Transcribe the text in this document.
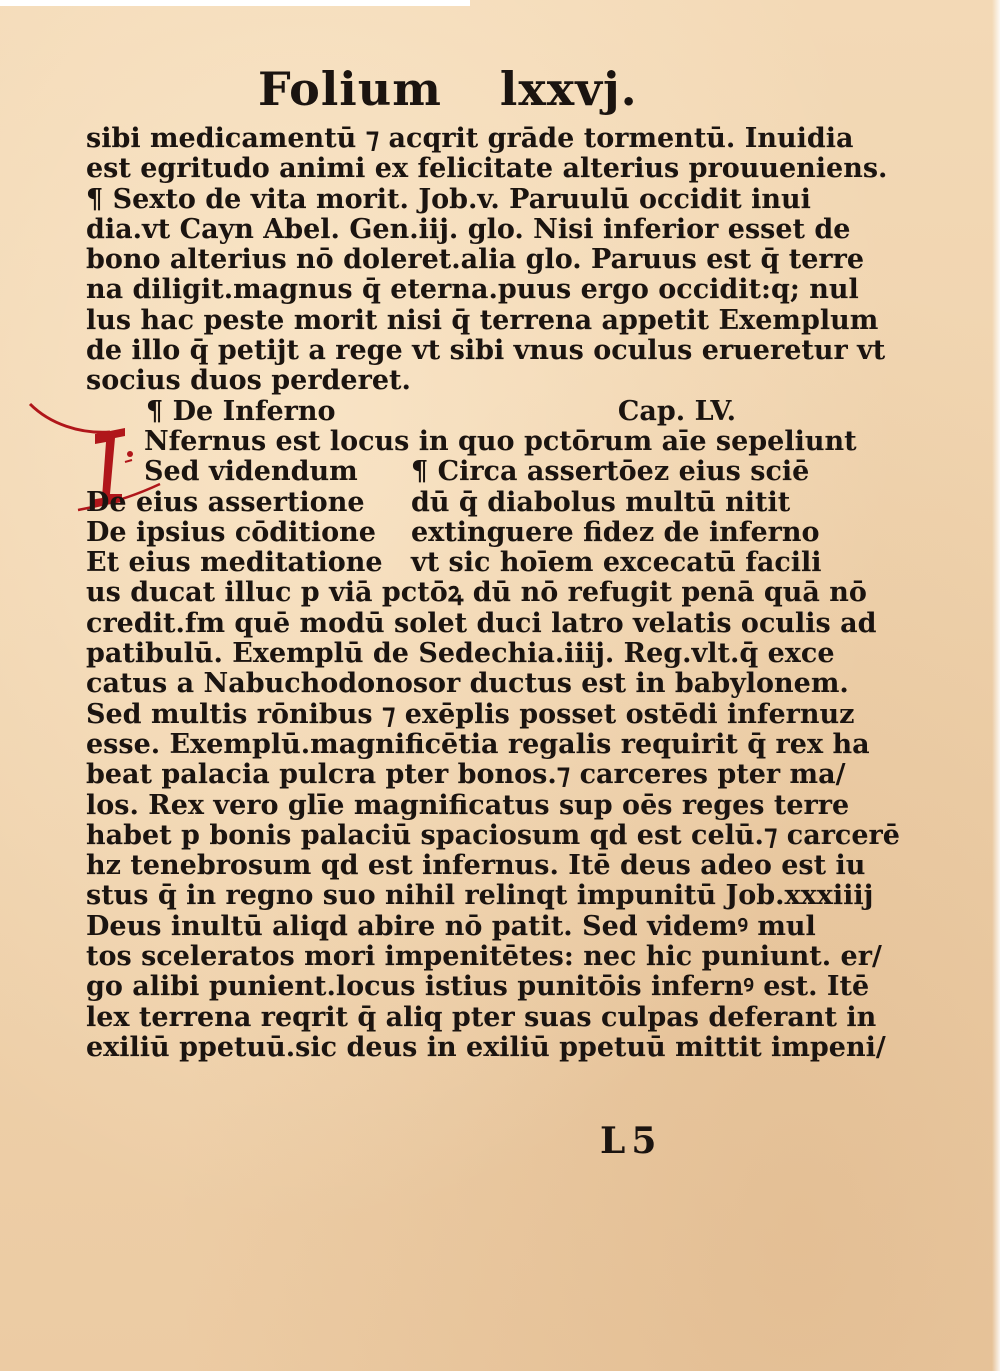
Folium lxxvj.
sibi medicamentū ⁊ acqrit grāde tormentū. Inuidia
est egritudo animi ex felicitate alterius prouueniens.
¶ Sexto de vita morit. Job.v. Paruulū occidit inui
dia.vt Cayn Abel. Gen.iij. glo. Nisi inferior esset de
bono alterius nō doleret.alia glo. Paruus est q̄ terre
na diligit.magnus q̄ eterna.puus ergo occidit:q; nul
lus hac peste morit nisi q̄ terrena appetit Exemplum
de illo q̄ petijt a rege vt sibi vnus oculus erueretur vt
socius duos perderet.
¶ De Inferno	Cap. LV.
Nfernus est locus in quo pctōrum aīe sepeliunt
Sed videndum
De eius assertione
De ipsius cōditione
Et eius meditatione
¶ Circa assertōez eius sciē
dū q̄ diabolus multū nitit
extinguere fidez de inferno
vt sic hoīem excecatū facili
us ducat illuc p viā pctōꝝ dū nō refugit penā quā nō
credit.fm quē modū solet duci latro velatis oculis ad
patibulū. Exemplū de Sedechia.iiij. Reg.vlt.q̄ exce
catus a Nabuchodonosor ductus est in babylonem.
Sed multis rōnibus ⁊ exēplis posset ostēdi infernuz
esse. Exemplū.magnificētia regalis requirit q̄ rex ha
beat palacia pulcra pter bonos.⁊ carceres pter ma/
los. Rex vero glīe magnificatus sup oēs reges terre
habet p bonis palaciū spaciosum qd est celū.⁊ carcerē
hz tenebrosum qd est infernus. Itē deus adeo est iu
stus q̄ in regno suo nihil relinqt impunitū Job.xxxiiij
Deus inultū aliqd abire nō patit. Sed videmꝰ mul
tos sceleratos mori impenitētes: nec hic puniunt. er/
go alibi punient.locus istius punitōis infernꝰ est. Itē
lex terrena reqrit q̄ aliq pter suas culpas deferant in
exiliū ppetuū.sic deus in exiliū ppetuū mittit impeni/
L5
